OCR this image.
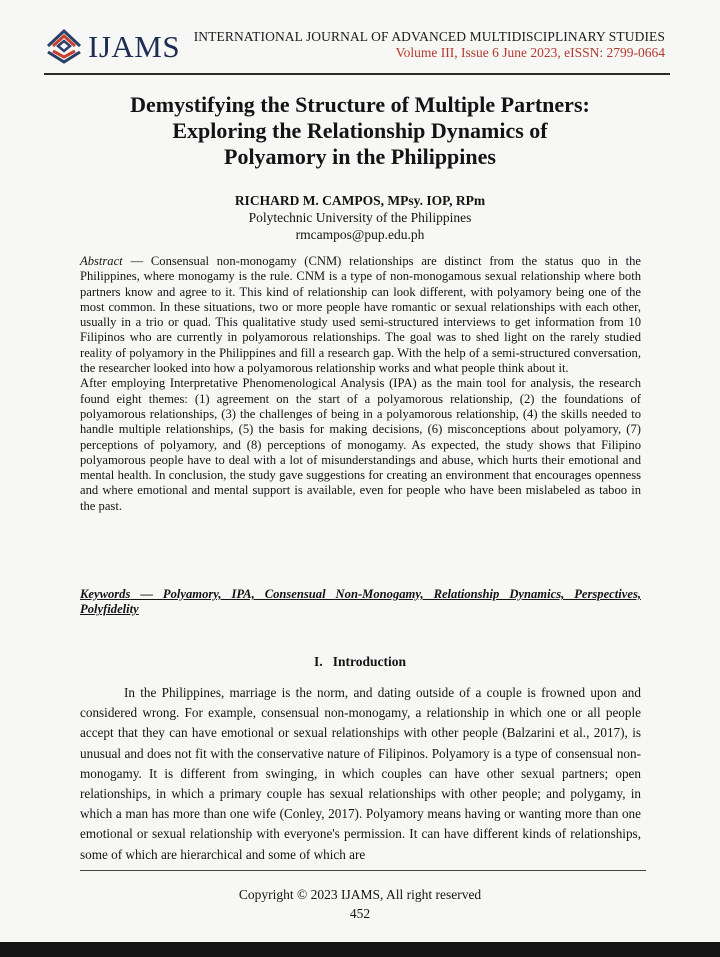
IJAMS INTERNATIONAL JOURNAL OF ADVANCED MULTIDISCIPLINARY STUDIES
Volume III, Issue 6 June 2023, eISSN: 2799-0664
Demystifying the Structure of Multiple Partners:
Exploring the Relationship Dynamics of
Polyamory in the Philippines
RICHARD M. CAMPOS, MPsy. IOP, RPm
Polytechnic University of the Philippines
rmcampos@pup.edu.ph

Abstract — Consensual non-monogamy (CNM) relationships are distinct from the status quo in the Philippines, where monogamy is the rule. CNM is a type of non-monogamous sexual relationship where both partners know and agree to it. This kind of relationship can look different, with polyamory being one of the most common. In these situations, two or more people have romantic or sexual relationships with each other, usually in a trio or quad. This qualitative study used semi-structured interviews to get information from 10 Filipinos who are currently in polyamorous relationships. The goal was to shed light on the rarely studied reality of polyamory in the Philippines and fill a research gap. With the help of a semi-structured conversation, the researcher looked into how a polyamorous relationship works and what people think about it.

After employing Interpretative Phenomenological Analysis (IPA) as the main tool for analysis, the research found eight themes: (1) agreement on the start of a polyamorous relationship, (2) the foundations of polyamorous relationships, (3) the challenges of being in a polyamorous relationship, (4) the skills needed to handle multiple relationships, (5) the basis for making decisions, (6) misconceptions about polyamory, (7) perceptions of polyamory, and (8) perceptions of monogamy. As expected, the study shows that Filipino polyamorous people have to deal with a lot of misunderstandings and abuse, which hurts their emotional and mental health. In conclusion, the study gave suggestions for creating an environment that encourages openness and where emotional and mental support is available, even for people who have been mislabeled as taboo in the past.

Keywords — Polyamory, IPA, Consensual Non-Monogamy, Relationship Dynamics, Perspectives, Polyfidelity
I.   Introduction

In the Philippines, marriage is the norm, and dating outside of a couple is frowned upon and considered wrong. For example, consensual non-monogamy, a relationship in which one or all people accept that they can have emotional or sexual relationships with other people (Balzarini et al., 2017), is unusual and does not fit with the conservative nature of Filipinos. Polyamory is a type of consensual non-monogamy. It is different from swinging, in which couples can have other sexual partners; open relationships, in which a primary couple has sexual relationships with other people; and polygamy, in which a man has more than one wife (Conley, 2017). Polyamory means having or wanting more than one emotional or sexual relationship with everyone's permission. It can have different kinds of relationships, some of which are hierarchical and some of which are

Copyright © 2023 IJAMS, All right reserved
452
